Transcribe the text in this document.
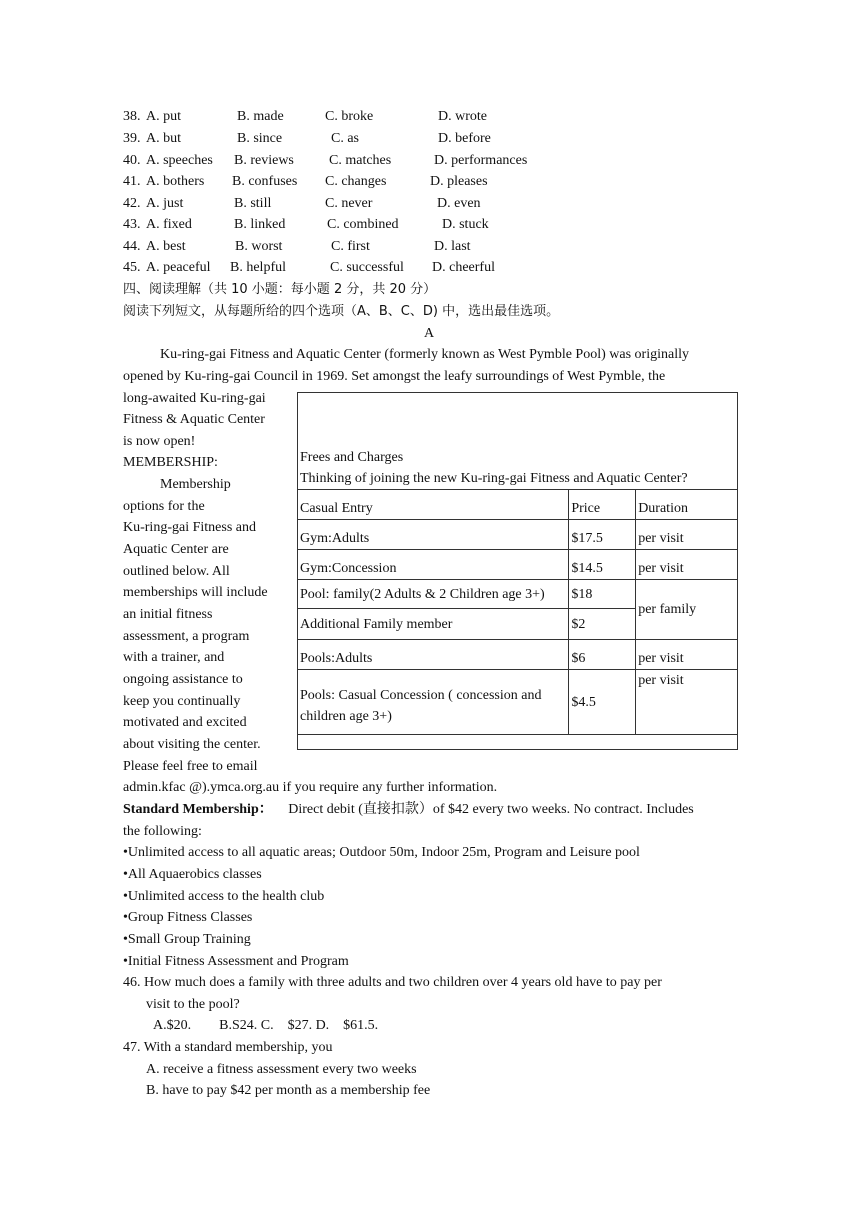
38. A. put	B. made	C. broke	D. wrote
39. A. but	B. since	C. as	D. before
40. A. speeches B. reviews	C. matches	D. performances
41. A. bothers B. confuses C. changes	D. pleases
42. A. just	B. still	C. never	D. even
43. A. fixed	B. linked	C. combined	D. stuck
44. A. best	B. worst	C. first	D. last
45. A. peaceful B. helpful	C. successful D. cheerful
四、阅读理解（共 10 小题：每小题 2 分，共 20 分）
阅读下列短文，从每题所给的四个选项（A、B、C、D) 中，选出最佳选项。
A
Ku-ring-gai Fitness and Aquatic Center (formerly known as West Pymble Pool) was originally
opened by Ku-ring-gai Council in 1969. Set amongst the leafy surroundings of West Pymble, the
long-awaited Ku-ring-gai
Fitness & Aquatic Center
is now open!
MEMBERSHIP:
Membership
options for the
Ku-ring-gai Fitness and
Aquatic Center are
outlined below. All
memberships will include
an initial fitness
assessment, a program
with a trainer, and
ongoing assistance to
keep you continually
motivated and excited
about visiting the center.
Please feel free to email
admin.kfac @).ymca.org.au if you require any further information.
Frees and Charges
Thinking of joining the new Ku-ring-gai Fitness and Aquatic Center?		

Casual Entry	Price	Duration
Gym:Adults	$17.5	per visit
Gym:Concession	$14.5	per visit
Pool: family(2 Adults & 2 Children age 3+)	$18	per family
Additional Family member	$2	
Pools:Adults	$6	per visit
Pools: Casual Concession ( concession and children age 3+)	$4.5	per visit

Standard Membership： Direct debit (直接扣款）of $42 every two weeks. No contract. Includes
the following:
•Unlimited access to all aquatic areas; Outdoor 50m, Indoor 25m, Program and Leisure pool
•All Aquaerobics classes
•Unlimited access to the health club
•Group Fitness Classes
•Small Group Training
•Initial Fitness Assessment and Program
46. How much does a family with three adults and two children over 4 years old have to pay per
visit to the pool?
A.$20.        B.S24. C.    $27. D.    $61.5.
47. With a standard membership, you
A. receive a fitness assessment every two weeks
B. have to pay $42 per month as a membership fee
